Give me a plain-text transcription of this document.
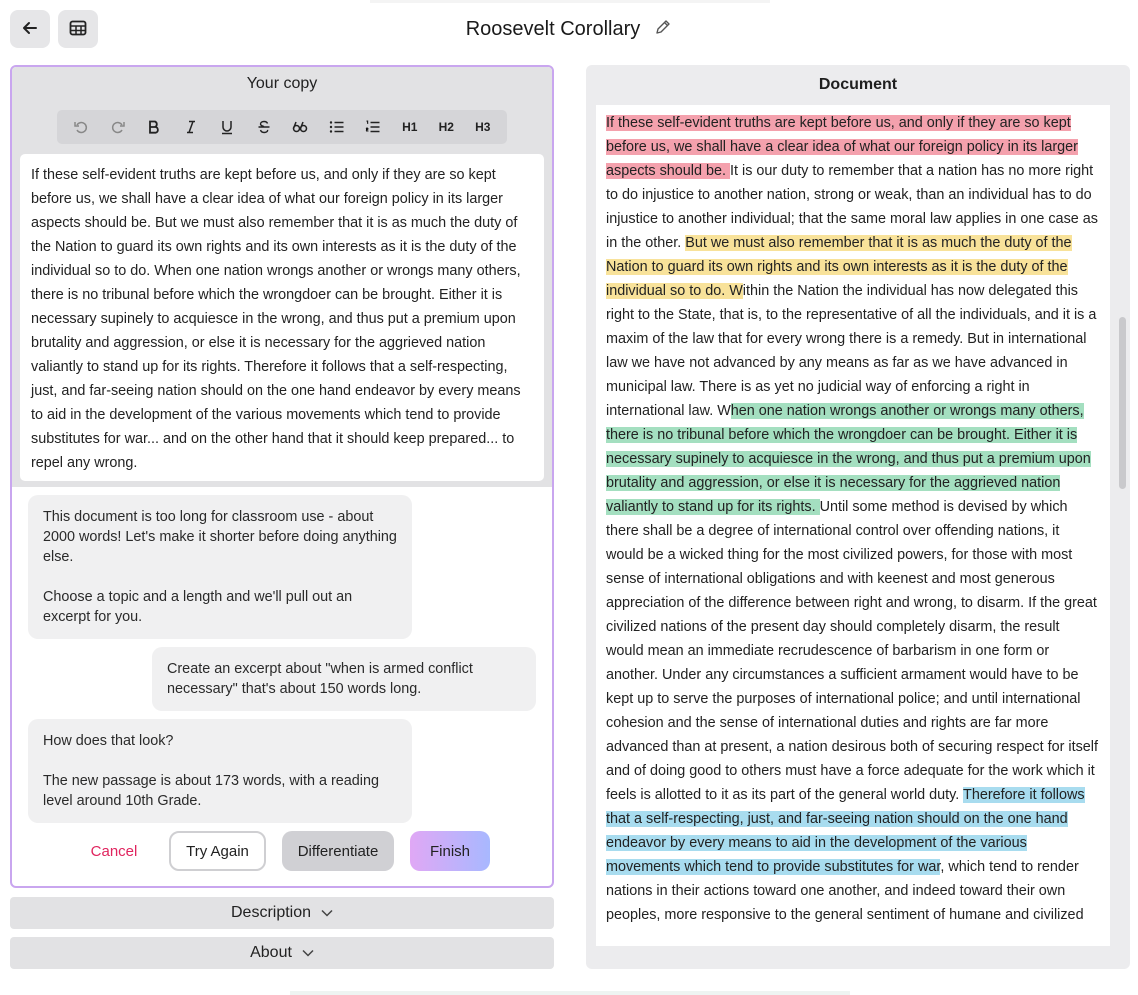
Roosevelt Corollary
Your copy
H1	H2	H3
If these self-evident truths are kept before us, and only if they are so kept before us, we shall have a clear idea of what our foreign policy in its larger aspects should be. But we must also remember that it is as much the duty of the Nation to guard its own rights and its own interests as it is the duty of the individual so to do. When one nation wrongs another or wrongs many others, there is no tribunal before which the wrongdoer can be brought. Either it is necessary supinely to acquiesce in the wrong, and thus put a premium upon brutality and aggression, or else it is necessary for the aggrieved nation valiantly to stand up for its rights. Therefore it follows that a self-respecting, just, and far-seeing nation should on the one hand endeavor by every means to aid in the development of the various movements which tend to provide substitutes for war... and on the other hand that it should keep prepared... to repel any wrong.
This document is too long for classroom use - about 2000 words! Let's make it shorter before doing anything else.

Choose a topic and a length and we'll pull out an excerpt for you.
Create an excerpt about "when is armed conflict necessary" that's about 150 words long.
How does that look?

The new passage is about 173 words, with a reading level around 10th Grade.
Cancel	Try Again	Differentiate	Finish
Description
About
Document
If these self-evident truths are kept before us, and only if they are so kept before us, we shall have a clear idea of what our foreign policy in its larger aspects should be. It is our duty to remember that a nation has no more right to do injustice to another nation, strong or weak, than an individual has to do injustice to another individual; that the same moral law applies in one case as in the other. But we must also remember that it is as much the duty of the Nation to guard its own rights and its own interests as it is the duty of the individual so to do. Within the Nation the individual has now delegated this right to the State, that is, to the representative of all the individuals, and it is a maxim of the law that for every wrong there is a remedy. But in international law we have not advanced by any means as far as we have advanced in municipal law. There is as yet no judicial way of enforcing a right in international law. When one nation wrongs another or wrongs many others, there is no tribunal before which the wrongdoer can be brought. Either it is necessary supinely to acquiesce in the wrong, and thus put a premium upon brutality and aggression, or else it is necessary for the aggrieved nation valiantly to stand up for its rights. Until some method is devised by which there shall be a degree of international control over offending nations, it would be a wicked thing for the most civilized powers, for those with most sense of international obligations and with keenest and most generous appreciation of the difference between right and wrong, to disarm. If the great civilized nations of the present day should completely disarm, the result would mean an immediate recrudescence of barbarism in one form or another. Under any circumstances a sufficient armament would have to be kept up to serve the purposes of international police; and until international cohesion and the sense of international duties and rights are far more advanced than at present, a nation desirous both of securing respect for itself and of doing good to others must have a force adequate for the work which it feels is allotted to it as its part of the general world duty. Therefore it follows that a self-respecting, just, and far-seeing nation should on the one hand endeavor by every means to aid in the development of the various movements which tend to provide substitutes for war, which tend to render nations in their actions toward one another, and indeed toward their own peoples, more responsive to the general sentiment of humane and civilized
